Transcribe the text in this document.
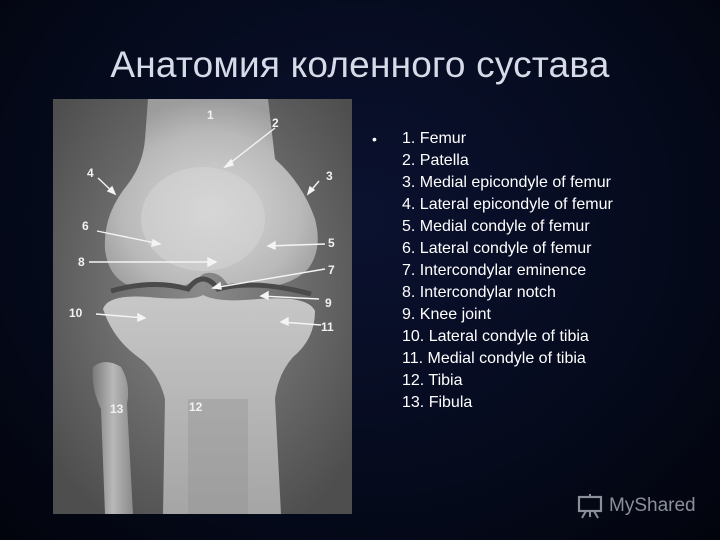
Анатомия коленного сустава
1
2
3
4
5
6
7
8
9
10
11
12
13
• 1. Femur
2. Patella
3. Medial epicondyle of femur
4. Lateral epicondyle of femur
5. Medial condyle of femur
6. Lateral condyle of femur
7. Intercondylar eminence
8. Intercondylar notch
9. Knee joint
10. Lateral condyle of tibia
11. Medial condyle of tibia
12. Tibia
13. Fibula
MyShared
